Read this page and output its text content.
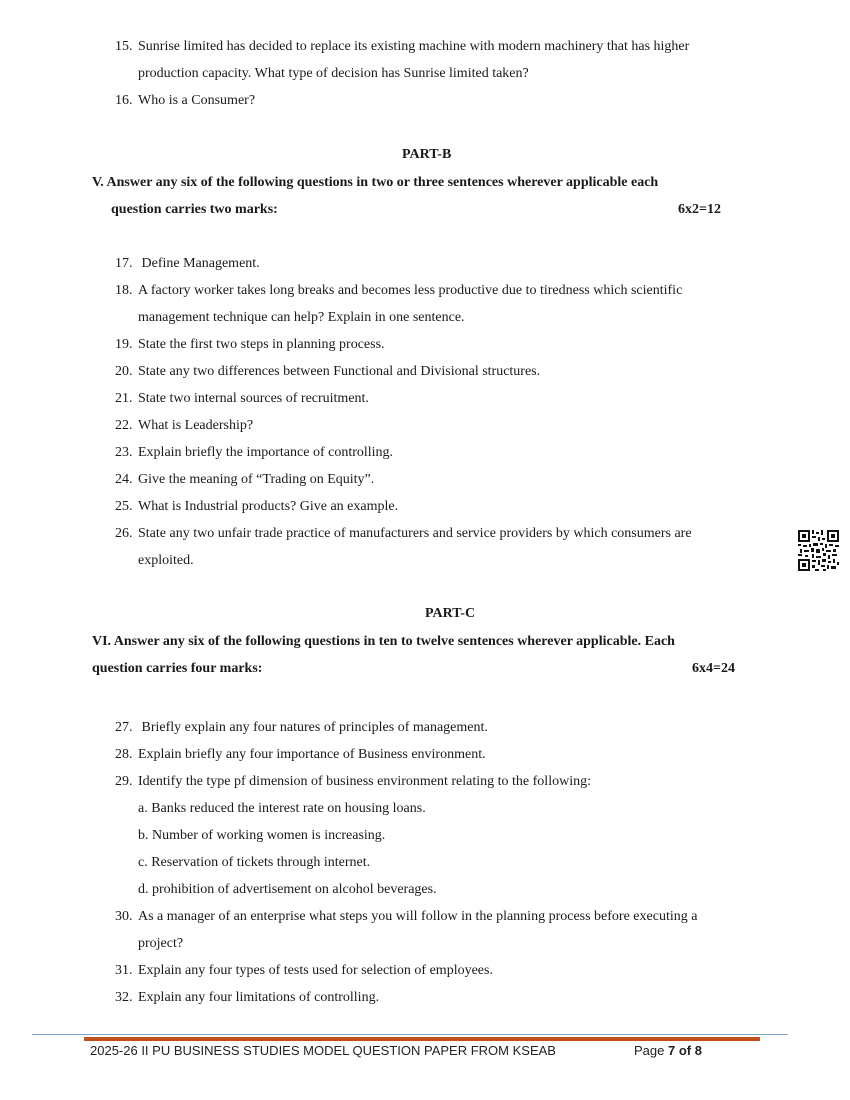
15. Sunrise limited has decided to replace its existing machine with modern machinery that has higher
production capacity. What type of decision has Sunrise limited taken?
16. Who is a Consumer?
PART-B
V. Answer any six of the following questions in two or three sentences wherever applicable each
question carries two marks:	6x2=12
17. Define Management.
18. A factory worker takes long breaks and becomes less productive due to tiredness which scientific
management technique can help? Explain in one sentence.
19. State the first two steps in planning process.
20. State any two differences between Functional and Divisional structures.
21. State two internal sources of recruitment.
22. What is Leadership?
23. Explain briefly the importance of controlling.
24. Give the meaning of “Trading on Equity”.
25. What is Industrial products? Give an example.
26. State any two unfair trade practice of manufacturers and service providers by which consumers are
exploited.
PART-C
VI. Answer any six of the following questions in ten to twelve sentences wherever applicable. Each
question carries four marks:	6x4=24
27. Briefly explain any four natures of principles of management.
28. Explain briefly any four importance of Business environment.
29. Identify the type pf dimension of business environment relating to the following:
a. Banks reduced the interest rate on housing loans.
b. Number of working women is increasing.
c. Reservation of tickets through internet.
d. prohibition of advertisement on alcohol beverages.
30. As a manager of an enterprise what steps you will follow in the planning process before executing a
project?
31. Explain any four types of tests used for selection of employees.
32. Explain any four limitations of controlling.
2025-26 II PU BUSINESS STUDIES MODEL QUESTION PAPER FROM KSEAB	Page 7 of 8
